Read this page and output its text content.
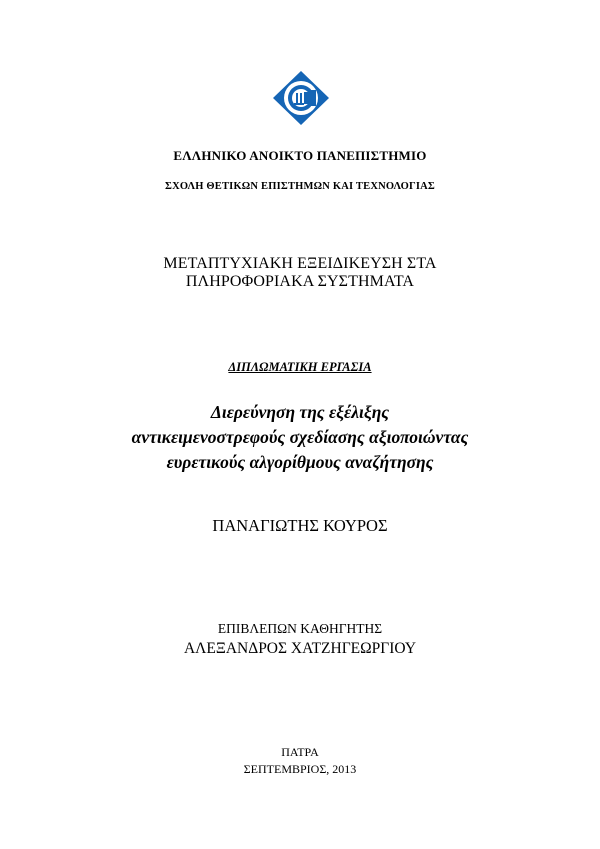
ΕΛΛΗΝΙΚΟ ΑΝΟΙΚΤΟ ΠΑΝΕΠΙΣΤΗΜΙΟ
ΣΧΟΛΗ ΘΕΤΙΚΩΝ ΕΠΙΣΤΗΜΩΝ ΚΑΙ ΤΕΧΝΟΛΟΓΙΑΣ
ΜΕΤΑΠΤΥΧΙΑΚΗ ΕΞΕΙΔΙΚΕΥΣΗ ΣΤΑ
ΠΛΗΡΟΦΟΡΙΑΚΑ ΣΥΣΤΗΜΑΤΑ
ΔΙΠΛΩΜΑΤΙΚΗ ΕΡΓΑΣΙΑ
Διερεύνηση της εξέλιξης
αντικειμενοστρεφούς σχεδίασης αξιοποιώντας
ευρετικούς αλγορίθμους αναζήτησης
ΠΑΝΑΓΙΩΤΗΣ ΚΟΥΡΟΣ
ΕΠΙΒΛΕΠΩΝ ΚΑΘΗΓΗΤΗΣ
ΑΛΕΞΑΝΔΡΟΣ ΧΑΤΖΗΓΕΩΡΓΙΟΥ
ΠΑΤΡΑ
ΣΕΠΤΕΜΒΡΙΟΣ, 2013
